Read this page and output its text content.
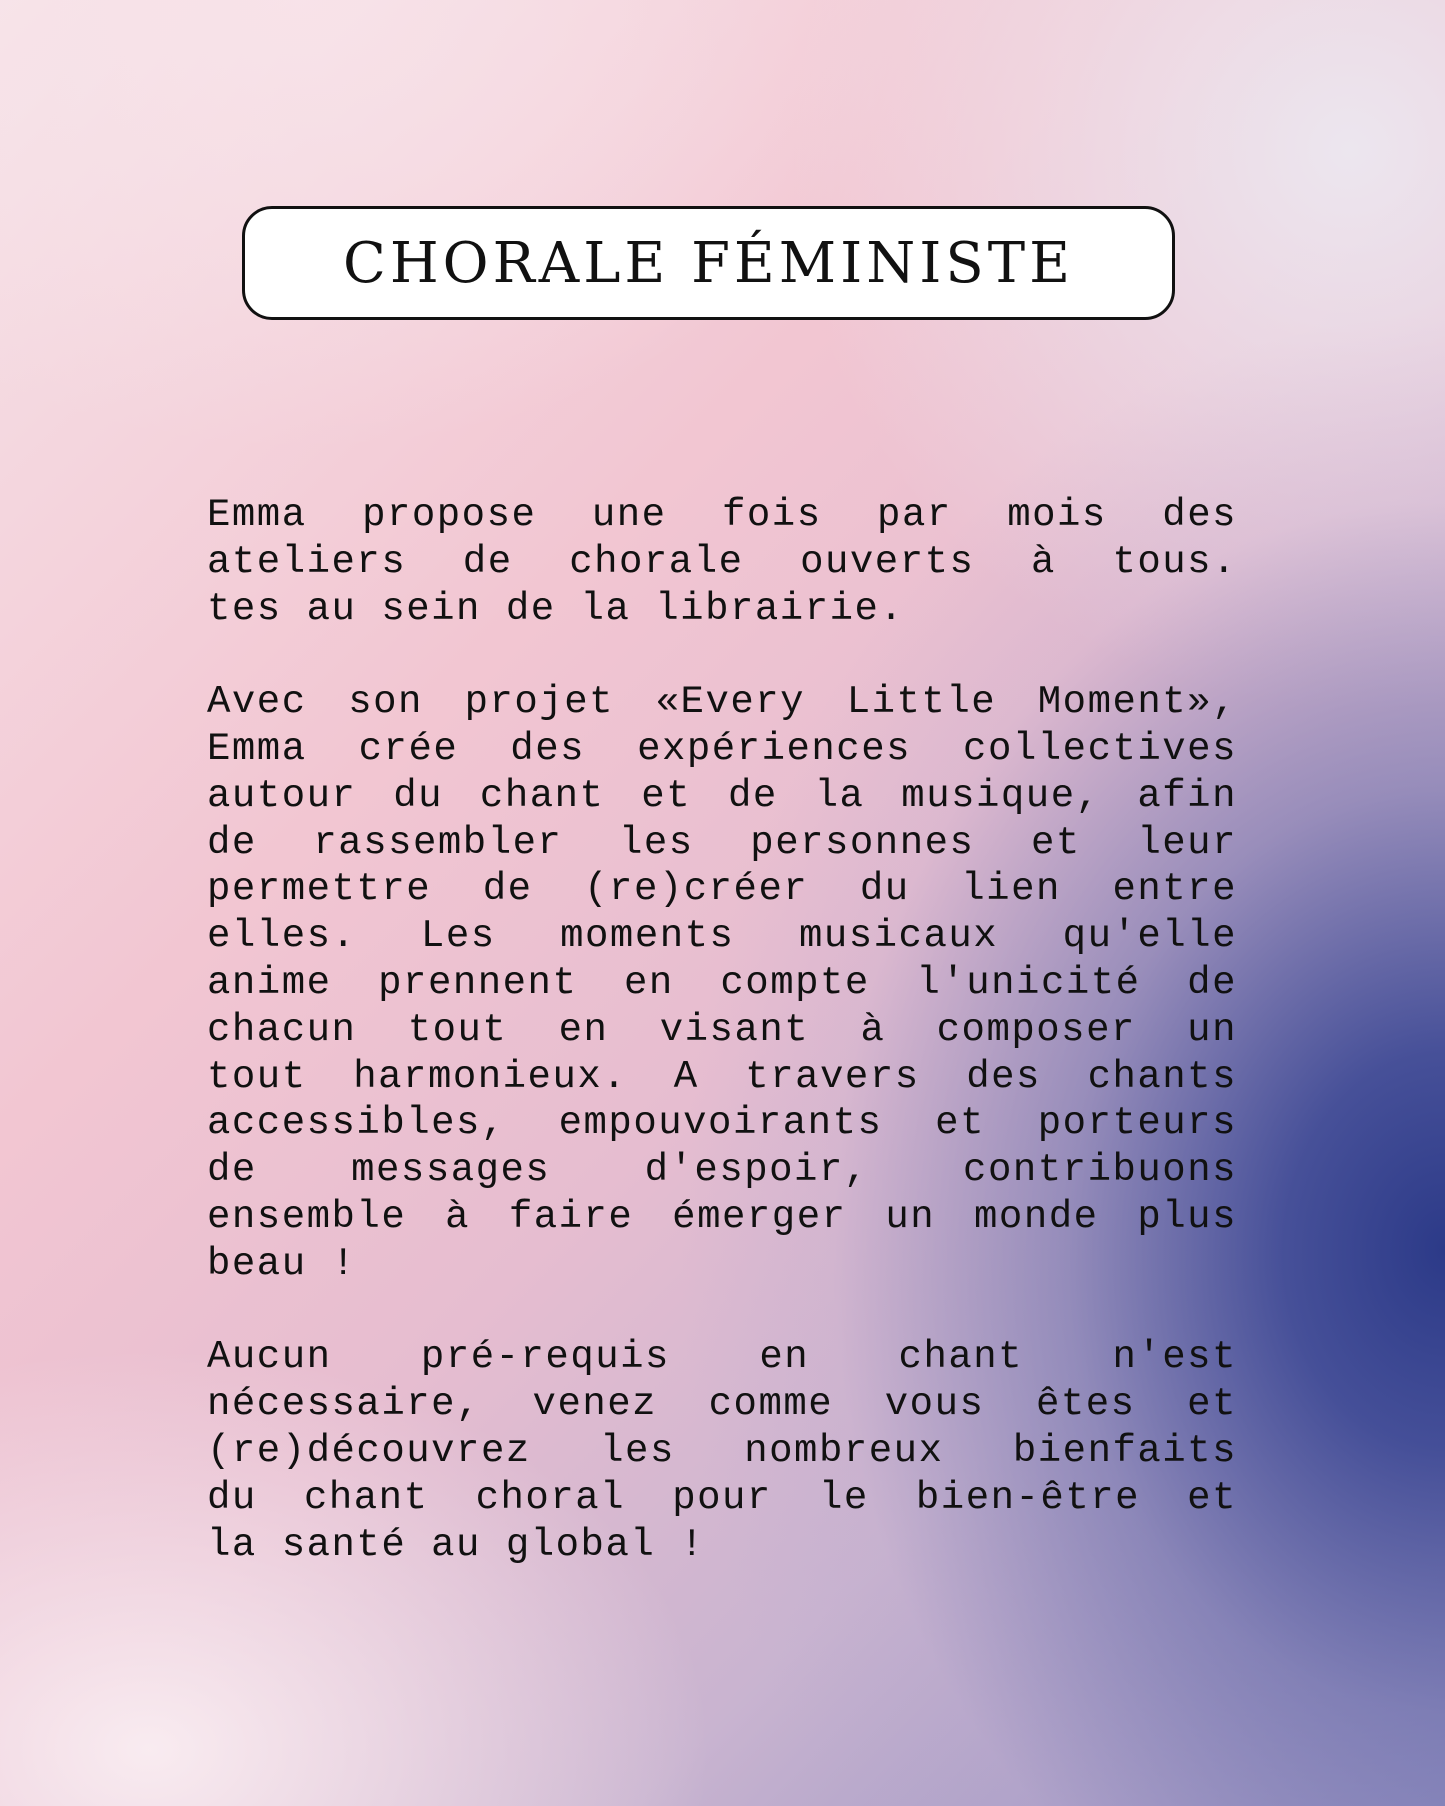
CHORALE FÉMINISTE
Emma propose une fois par mois des
ateliers de chorale ouverts à tous.
tes au sein de la librairie.
Avec son projet «Every Little Moment»,
Emma crée des expériences collectives
autour du chant et de la musique, afin
de rassembler les personnes et leur
permettre de (re)créer du lien entre
elles. Les moments musicaux qu'elle
anime prennent en compte l'unicité de
chacun tout en visant à composer un
tout harmonieux. A travers des chants
accessibles, empouvoirants et porteurs
de messages d'espoir, contribuons
ensemble à faire émerger un monde plus
beau !
Aucun pré-requis en chant n'est
nécessaire, venez comme vous êtes et
(re)découvrez les nombreux bienfaits
du chant choral pour le bien-être et
la santé au global !
